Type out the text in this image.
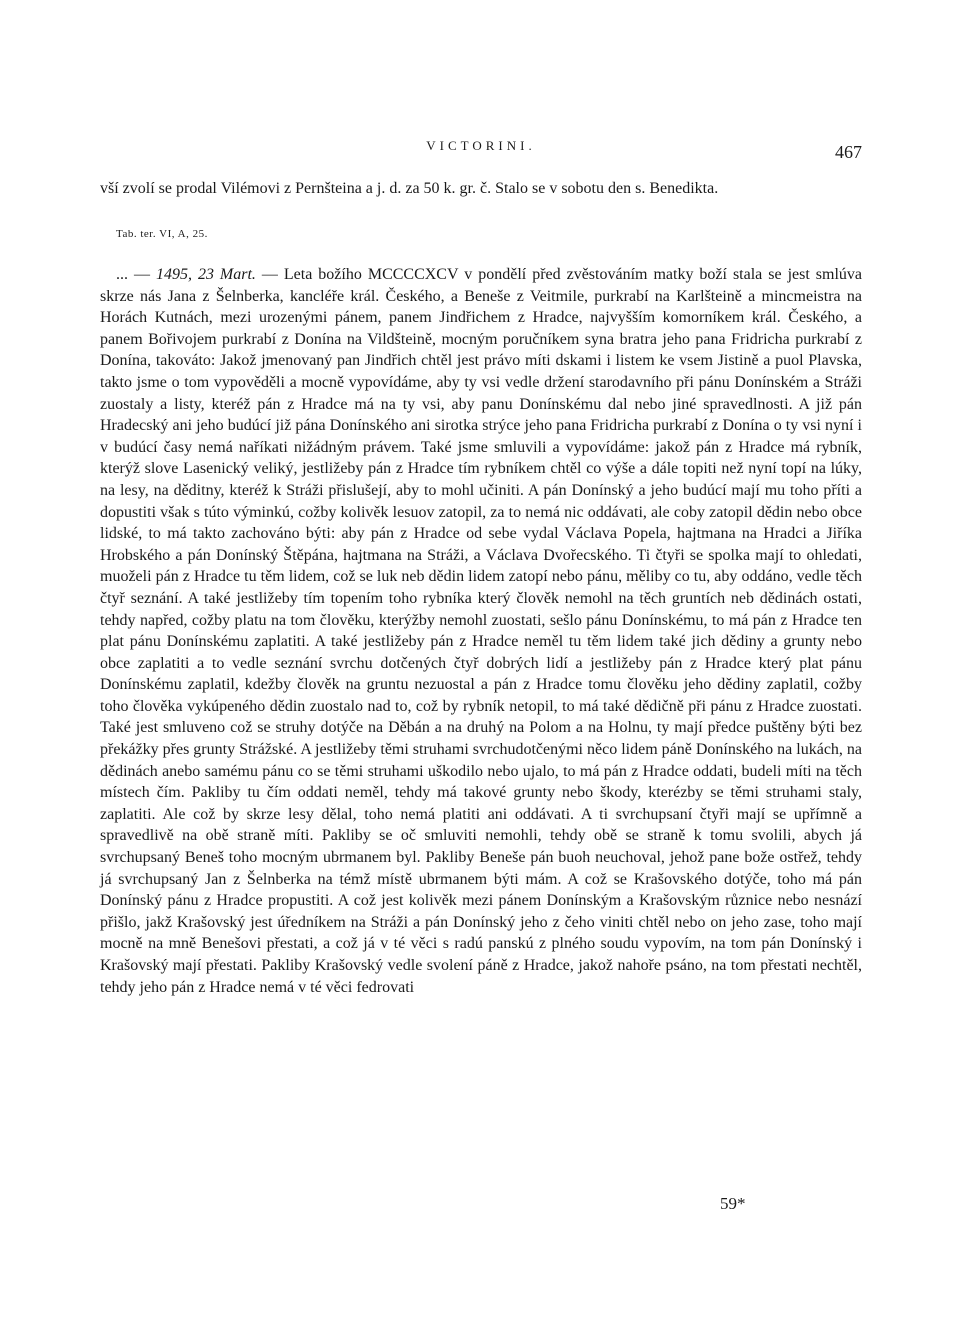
VICTORINI.	467
vší zvolí se prodal Vilémovi z Pernšteina a j. d. za 50 k. gr. č. Stalo se v sobotu den s. Benedikta.
Tab. ter. VI, A, 25.

... — 1495, 23 Mart. — Leta božího MCCCCXCV v pondělí před zvěstováním matky boží stala se jest smlúva skrze nás Jana z Šelnberka, kancléře král. Českého, a Beneše z Veitmile, purkrabí na Karlšteině a mincmeistra na Horách Kutnách, mezi urozenými pánem, panem Jindřichem z Hradce, najvyšším komorníkem král. Českého, a panem Bořivojem purkrabí z Donína na Vildšteině, mocným poručníkem syna bratra jeho pana Fridricha purkrabí z Donína, takováto: Jakož jmenovaný pan Jindřich chtěl jest právo míti dskami i listem ke vsem Jistině a puol Plavska, takto jsme o tom vypověděli a mocně vypovídáme, aby ty vsi vedle držení starodavního při pánu Donínském a Stráži zuostaly a listy, kteréž pán z Hradce má na ty vsi, aby panu Donínskému dal nebo jiné spravedlnosti. A již pán Hradecský ani jeho budúcí již pána Donínského ani sirotka strýce jeho pana Fridricha purkrabí z Donína o ty vsi nyní i v budúcí časy nemá naříkati nižádným právem. Také jsme smluvili a vypovídáme: jakož pán z Hradce má rybník, kterýž slove Lasenický veliký, jestližeby pán z Hradce tím rybníkem chtěl co výše a dále topiti než nyní topí na lúky, na lesy, na děditny, kteréž k Stráži přislušejí, aby to mohl učiniti. A pán Donínský a jeho budúcí mají mu toho příti a dopustiti však s túto výminkú, cožby kolivěk lesuov zatopil, za to nemá nic oddávati, ale coby zatopil dědin nebo obce lidské, to má takto zachováno býti: aby pán z Hradce od sebe vydal Václava Popela, hajtmana na Hradci a Jiříka Hrobského a pán Donínský Štěpána, hajtmana na Stráži, a Václava Dvořecského. Ti čtyři se spolka mají to ohledati, muoželi pán z Hradce tu těm lidem, což se luk neb dědin lidem zatopí nebo pánu, měliby co tu, aby oddáno, vedle těch čtyř seznání. A také jestližeby tím topením toho rybníka který člověk nemohl na těch gruntích neb dědinách ostati, tehdy napřed, cožby platu na tom člověku, kterýžby nemohl zuostati, sešlo pánu Donínskému, to má pán z Hradce ten plat pánu Donínskému zaplatiti. A také jestližeby pán z Hradce neměl tu těm lidem také jich dědiny a grunty nebo obce zaplatiti a to vedle seznání svrchu dotčených čtyř dobrých lidí a jestližeby pán z Hradce který plat pánu Donínskému zaplatil, kdežby člověk na gruntu nezuostal a pán z Hradce tomu člověku jeho dědiny zaplatil, cožby toho člověka vykúpeného dědin zuostalo nad to, což by rybník netopil, to má také dědičně při pánu z Hradce zuostati. Také jest smluveno což se struhy dotýče na Děbán a na druhý na Polom a na Holnu, ty mají předce puštěny býti bez překážky přes grunty Strážské. A jestližeby těmi struhami svrchudotčenými něco lidem páně Donínského na lukách, na dědinách anebo samému pánu co se těmi struhami uškodilo nebo ujalo, to má pán z Hradce oddati, budeli míti na těch místech čím. Pakliby tu čím oddati neměl, tehdy má takové grunty nebo škody, kterézby se těmi struhami staly, zaplatiti. Ale což by skrze lesy dělal, toho nemá platiti ani oddávati. A ti svrchupsaní čtyři mají se upřímně a spravedlivě na obě straně míti. Pakliby se oč smluviti nemohli, tehdy obě se straně k tomu svolili, abych já svrchupsaný Beneš toho mocným ubrmanem byl. Pakliby Beneše pán buoh neuchoval, jehož pane bože ostřež, tehdy já svrchupsaný Jan z Šelnberka na témž místě ubrmanem býti mám. A což se Krašovského dotýče, toho má pán Donínský pánu z Hradce propustiti. A což jest kolivěk mezi pánem Donínským a Krašovským různice nebo nesnází přišlo, jakž Krašovský jest úředníkem na Stráži a pán Donínský jeho z čeho viniti chtěl nebo on jeho zase, toho mají mocně na mně Benešovi přestati, a což já v té věci s radú panskú z plného soudu vypovím, na tom pán Donínský i Krašovský mají přestati. Pakliby Krašovský vedle svolení páně z Hradce, jakož nahoře psáno, na tom přestati nechtěl, tehdy jeho pán z Hradce nemá v té věci fedrovati

59*
